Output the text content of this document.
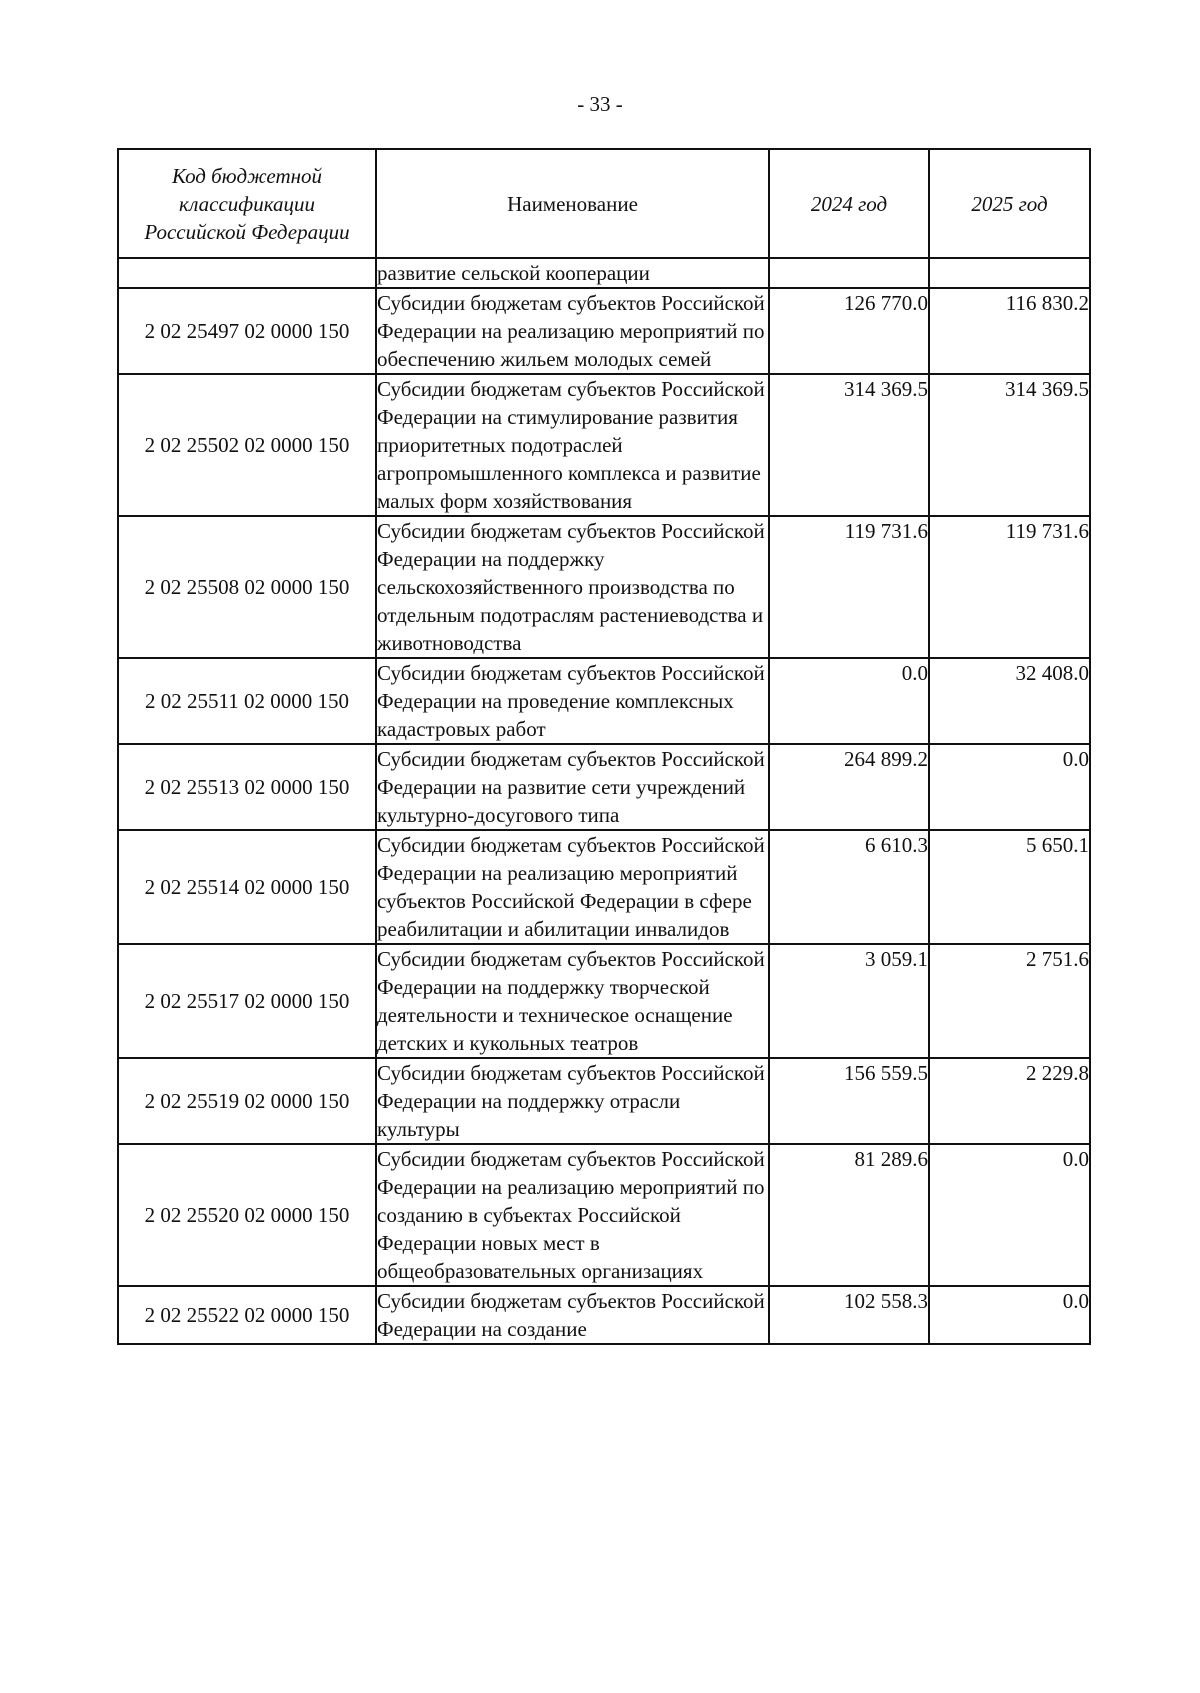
- 33 -
Код бюджетной
классификации
Российской Федерации	Наименование	2024 год	2025 год
	развитие сельской кооперации		
2 02 25497 02 0000 150	Субсидии бюджетам субъектов Российской Федерации на реализацию мероприятий по обеспечению жильем молодых семей	126 770.0	116 830.2
2 02 25502 02 0000 150	Субсидии бюджетам субъектов Российской Федерации на стимулирование развития приоритетных подотраслей агропромышленного комплекса и развитие малых форм хозяйствования	314 369.5	314 369.5
2 02 25508 02 0000 150	Субсидии бюджетам субъектов Российской Федерации на поддержку сельскохозяйственного производства по отдельным подотраслям растениеводства и животноводства	119 731.6	119 731.6
2 02 25511 02 0000 150	Субсидии бюджетам субъектов Российской Федерации на проведение комплексных кадастровых работ	0.0	32 408.0
2 02 25513 02 0000 150	Субсидии бюджетам субъектов Российской Федерации на развитие сети учреждений культурно-досугового типа	264 899.2	0.0
2 02 25514 02 0000 150	Субсидии бюджетам субъектов Российской Федерации на реализацию мероприятий субъектов Российской Федерации в сфере реабилитации и абилитации инвалидов	6 610.3	5 650.1
2 02 25517 02 0000 150	Субсидии бюджетам субъектов Российской Федерации на поддержку творческой деятельности и техническое оснащение детских и кукольных театров	3 059.1	2 751.6
2 02 25519 02 0000 150	Субсидии бюджетам субъектов Российской Федерации на поддержку отрасли культуры	156 559.5	2 229.8
2 02 25520 02 0000 150	Субсидии бюджетам субъектов Российской Федерации на реализацию мероприятий по созданию в субъектах Российской Федерации новых мест в общеобразовательных организациях	81 289.6	0.0
2 02 25522 02 0000 150	Субсидии бюджетам субъектов Российской Федерации на создание	102 558.3	0.0
